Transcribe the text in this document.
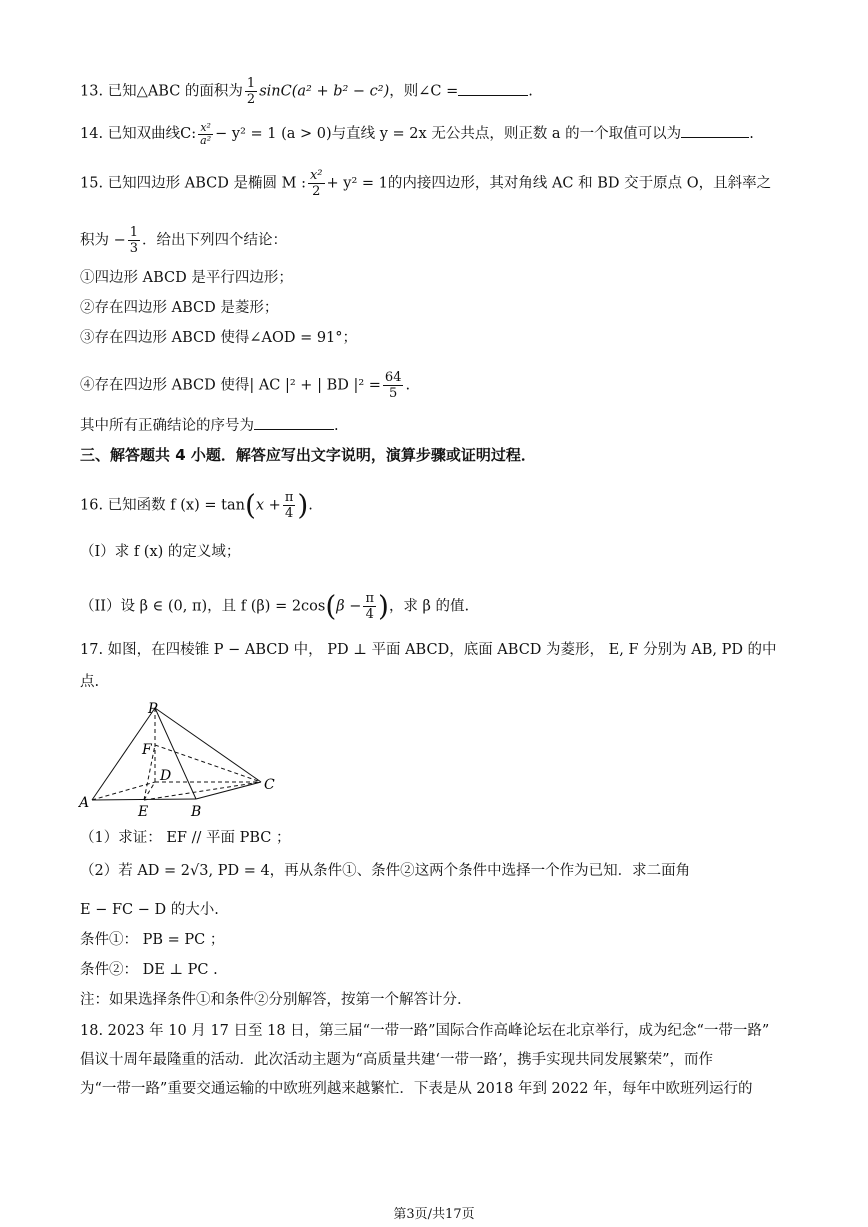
13. 已知△ABC 的面积为 $\frac{1}{2} \sin C(a^2 + b^2 - c^2)$，则∠C =	.
14. 已知双曲线C: $\frac{\text{x²}}{\text{a²}} - y^2 = 1$ (a > 0)与直线 y = 2x 无公共点，则正数 a 的一个取值可以为	.
15. 已知四边形 ABCD 是椭圆 M : $\frac{\text{x²}}{2} + y^2 = 1$的内接四边形，其对角线 AC 和 BD 交于原点 O，且斜率之
积为 − $\frac{1}{3}$ ．给出下列四个结论：
①四边形 ABCD 是平行四边形；
②存在四边形 ABCD 是菱形；
③存在四边形 ABCD 使得∠AOD = 91°；
④存在四边形 ABCD 使得| AC |² + | BD $|^2 = \frac{64}{5}$ .
其中所有正确结论的序号为	.
三、解答题共 4 小题．解答应写出文字说明，演算步骤或证明过程．
16. 已知函数 f $(x) = \tan(x + \frac{\pi}{4}$ ).
（I）求 f (x) 的定义域；
（II）设 β ∈ (0, π)，且 f $(\beta) = 2\cos(\beta - \frac{\pi}{4}$ )，求 β 的值.
17. 如图，在四棱锥 P − ABCD 中， PD ⊥ 平面 ABCD，底面 ABCD 为菱形， E, F 分别为 AB, PD 的中
点.
P
F
D
C
A
E	B
（1）求证： EF // 平面 PBC ；
（2）若 AD = 2√3, PD = 4，再从条件①、条件②这两个条件中选择一个作为已知．求二面角
E − FC − D 的大小.
条件①： PB = PC ；
条件②： DE ⊥ PC .
注：如果选择条件①和条件②分别解答，按第一个解答计分.
18. 2023 年 10 月 17 日至 18 日，第三届“一带一路”国际合作高峰论坛在北京举行，成为纪念“一带一路”
倡议十周年最隆重的活动．此次活动主题为“高质量共建‘一带一路’，携手实现共同发展繁荣”，而作
为“一带一路”重要交通运输的中欧班列越来越繁忙．下表是从 2018 年到 2022 年，每年中欧班列运行的
第3页/共17页
